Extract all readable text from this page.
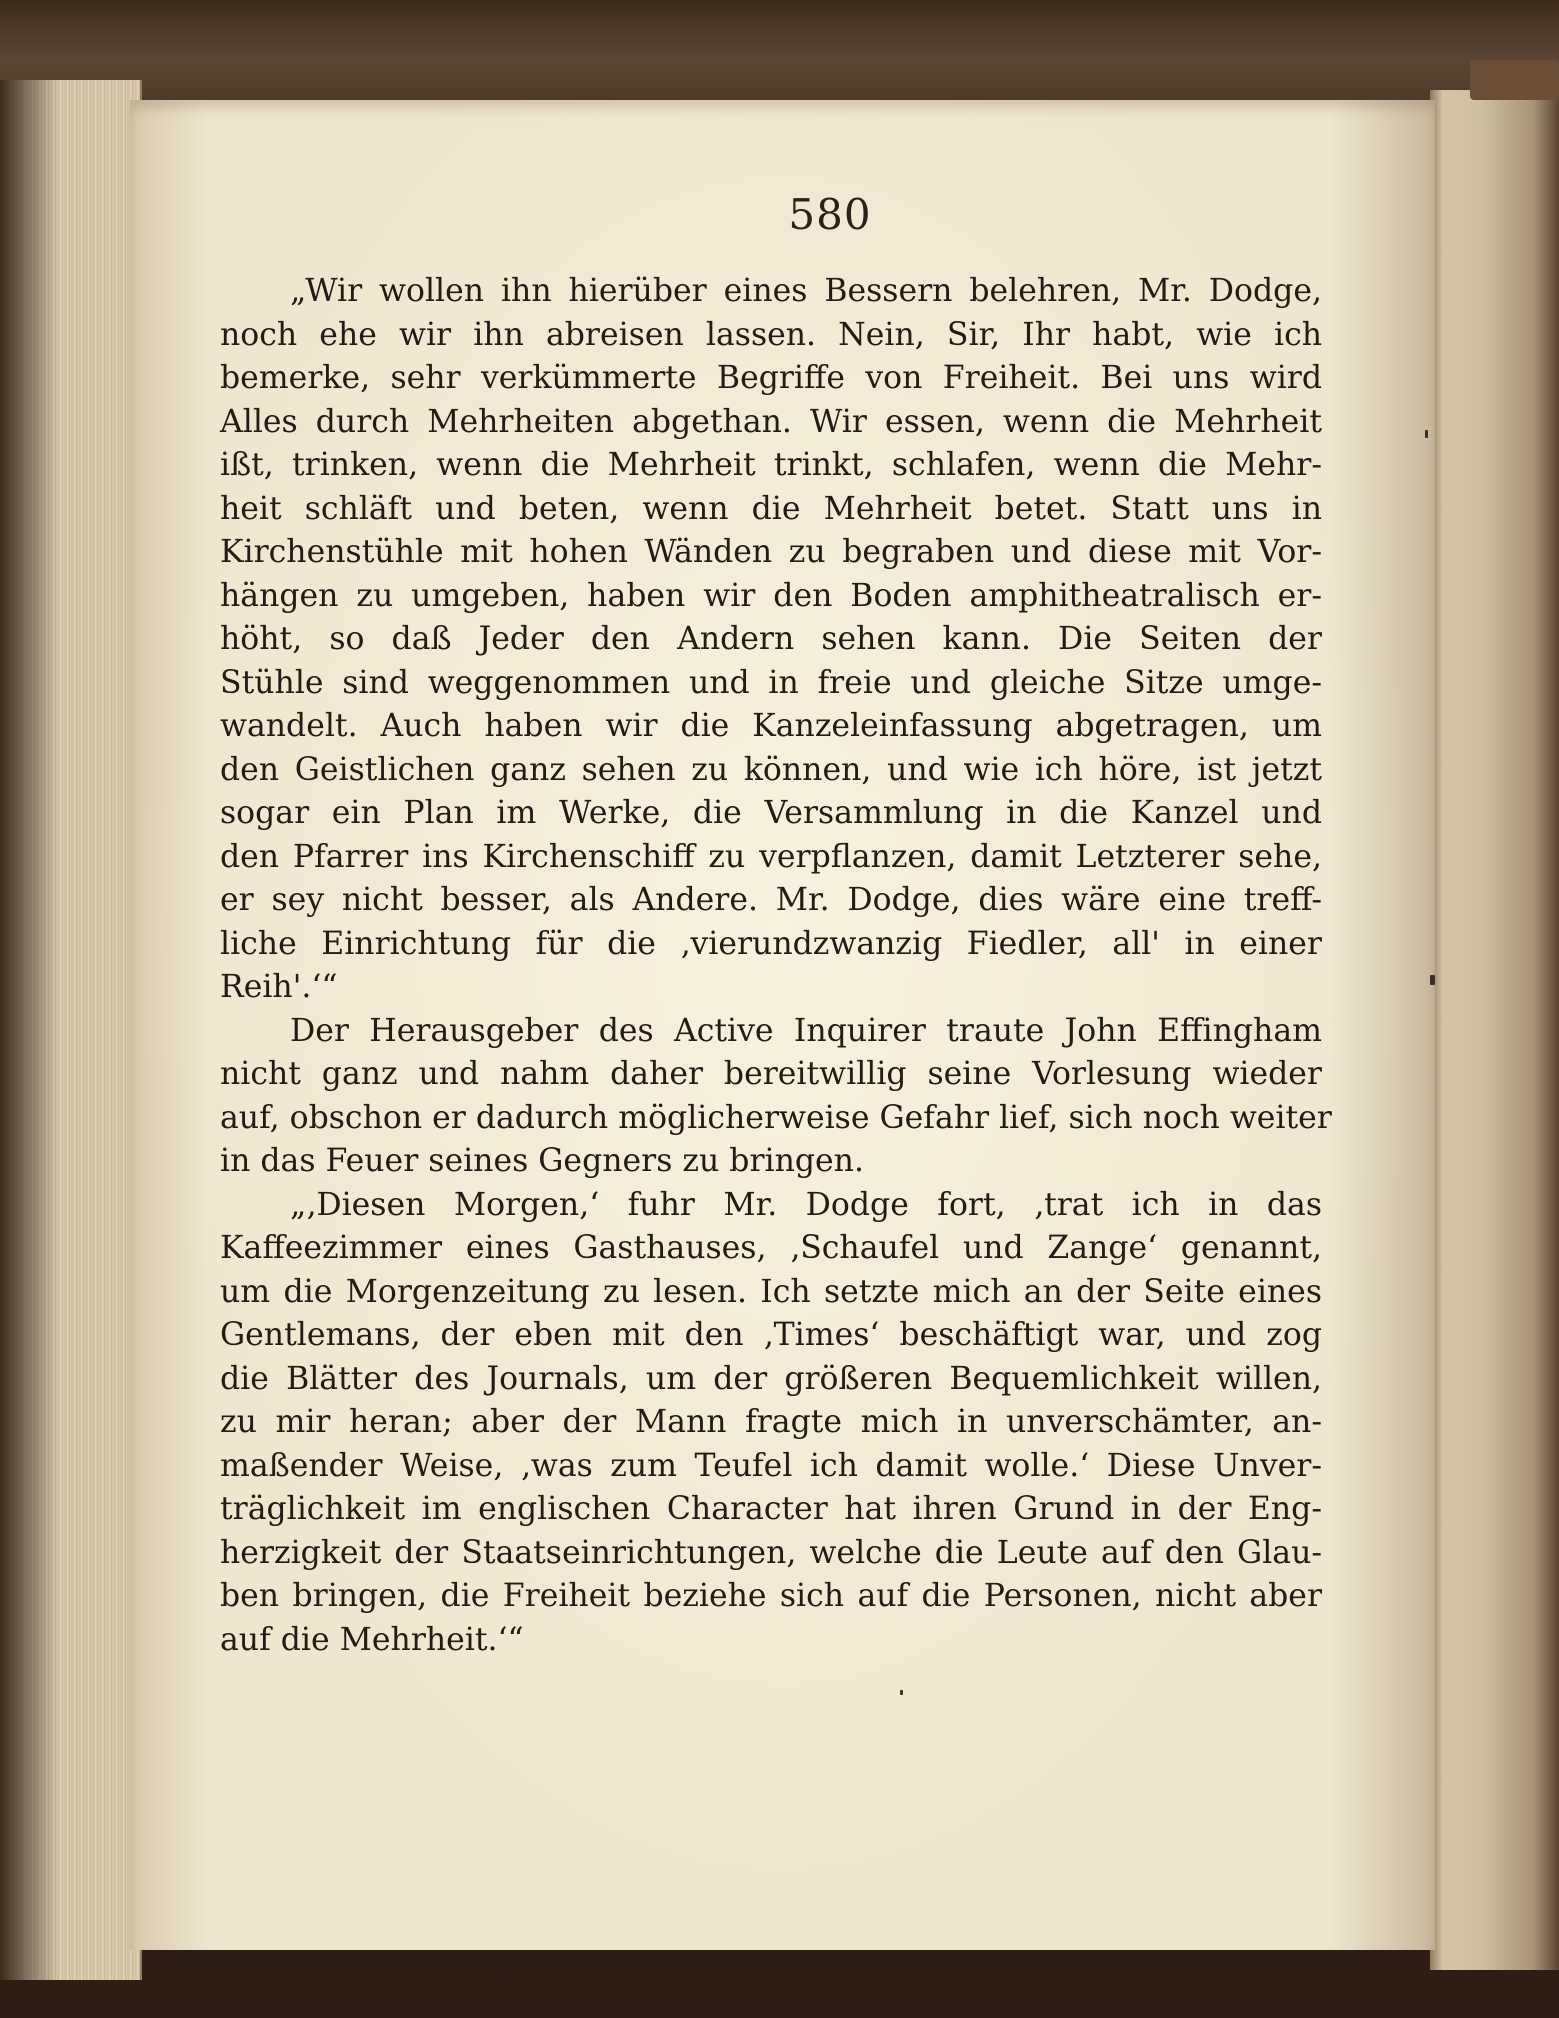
580
„Wir wollen ihn hierüber eines Bessern belehren, Mr. Dodge,
noch ehe wir ihn abreisen lassen. Nein, Sir, Ihr habt, wie ich
bemerke, sehr verkümmerte Begriffe von Freiheit. Bei uns wird
Alles durch Mehrheiten abgethan. Wir essen, wenn die Mehrheit
ißt, trinken, wenn die Mehrheit trinkt, schlafen, wenn die Mehr-
heit schläft und beten, wenn die Mehrheit betet. Statt uns in
Kirchenstühle mit hohen Wänden zu begraben und diese mit Vor-
hängen zu umgeben, haben wir den Boden amphitheatralisch er-
höht, so daß Jeder den Andern sehen kann. Die Seiten der
Stühle sind weggenommen und in freie und gleiche Sitze umge-
wandelt. Auch haben wir die Kanzeleinfassung abgetragen, um
den Geistlichen ganz sehen zu können, und wie ich höre, ist jetzt
sogar ein Plan im Werke, die Versammlung in die Kanzel und
den Pfarrer ins Kirchenschiff zu verpflanzen, damit Letzterer sehe,
er sey nicht besser, als Andere. Mr. Dodge, dies wäre eine treff-
liche Einrichtung für die ‚vierundzwanzig Fiedler, all' in einer
Reih'.‘“
Der Herausgeber des Active Inquirer traute John Effingham
nicht ganz und nahm daher bereitwillig seine Vorlesung wieder
auf, obschon er dadurch möglicherweise Gefahr lief, sich noch weiter
in das Feuer seines Gegners zu bringen.
„‚Diesen Morgen,‘ fuhr Mr. Dodge fort, ‚trat ich in das
Kaffeezimmer eines Gasthauses, ‚Schaufel und Zange‘ genannt,
um die Morgenzeitung zu lesen. Ich setzte mich an der Seite eines
Gentlemans, der eben mit den ‚Times‘ beschäftigt war, und zog
die Blätter des Journals, um der größeren Bequemlichkeit willen,
zu mir heran; aber der Mann fragte mich in unverschämter, an-
maßender Weise, ‚was zum Teufel ich damit wolle.‘ Diese Unver-
träglichkeit im englischen Character hat ihren Grund in der Eng-
herzigkeit der Staatseinrichtungen, welche die Leute auf den Glau-
ben bringen, die Freiheit beziehe sich auf die Personen, nicht aber
auf die Mehrheit.‘“
